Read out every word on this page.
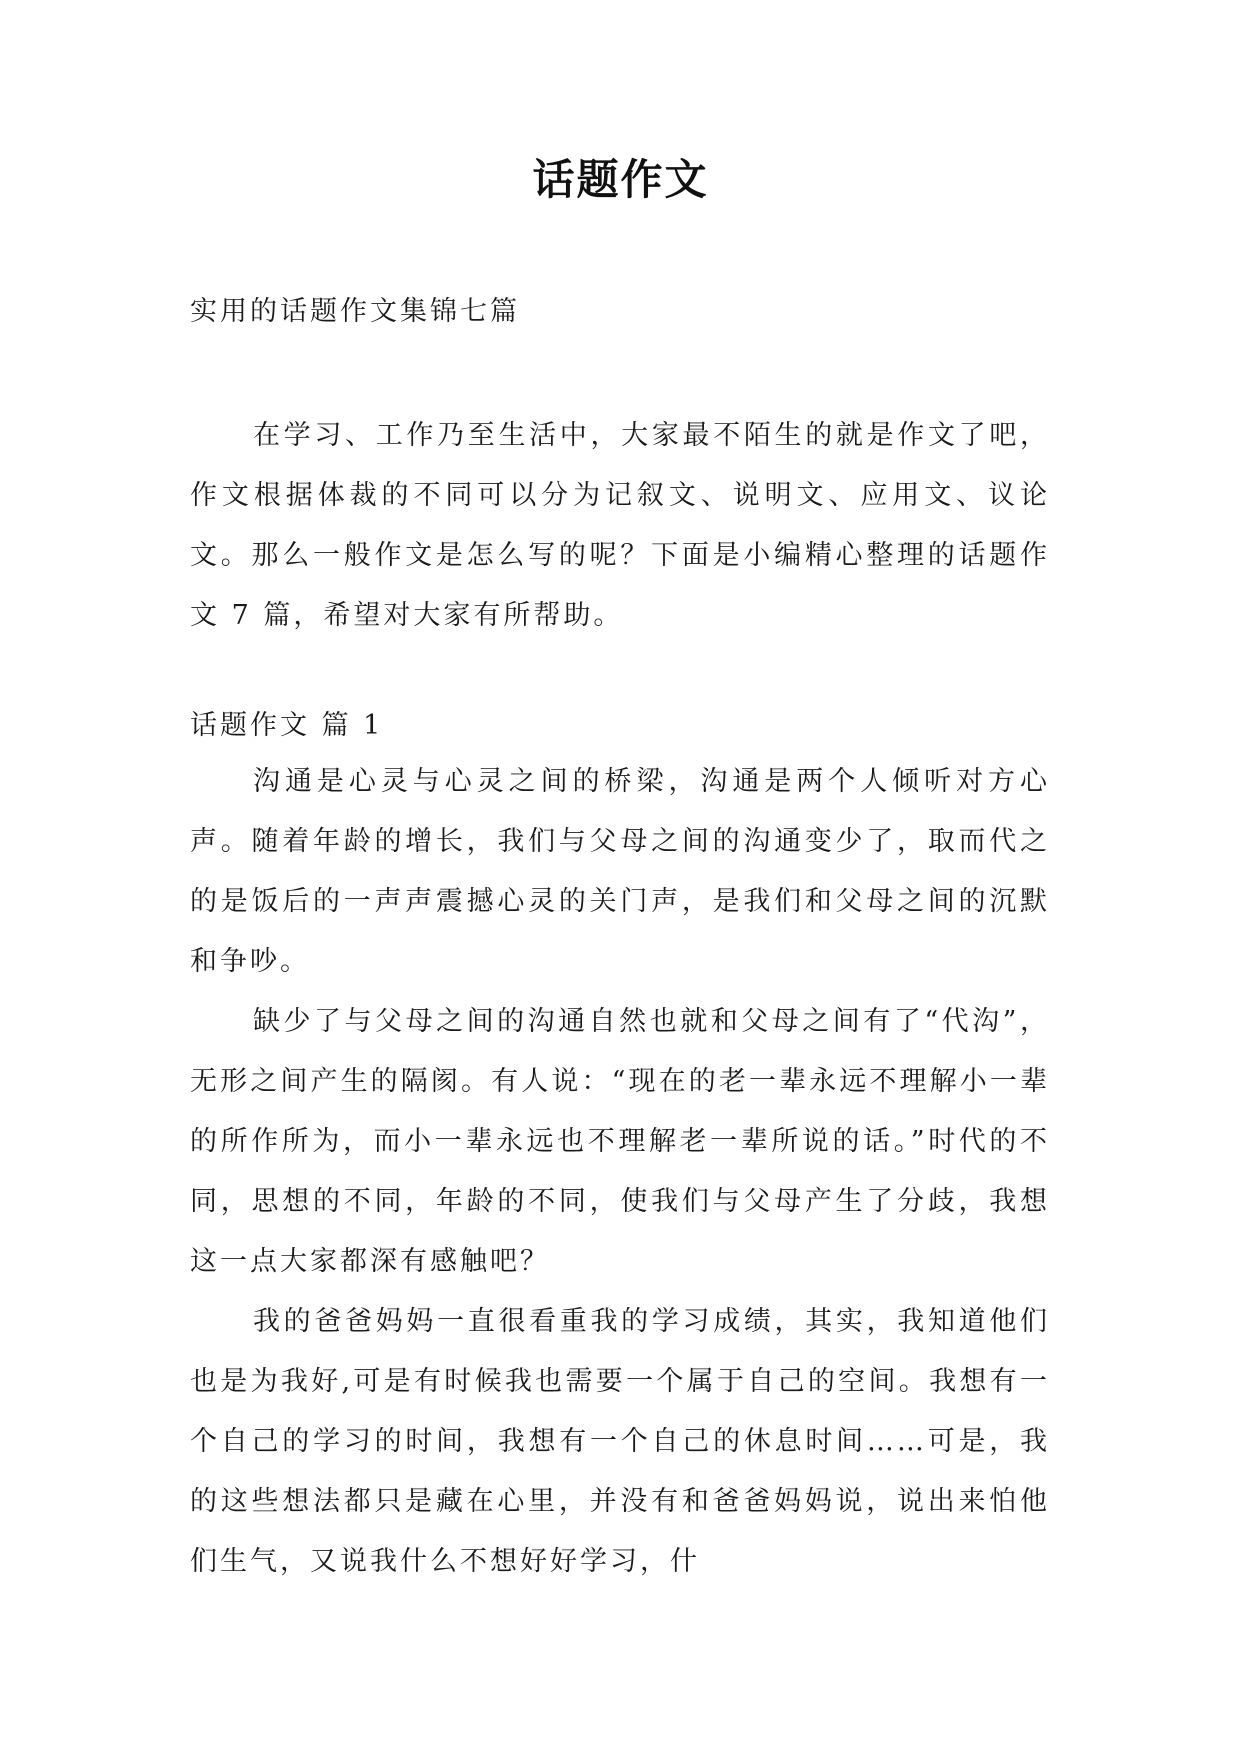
话题作文
实用的话题作文集锦七篇

在学习、工作乃至生活中，大家最不陌生的就是作文了吧，作文根据体裁的不同可以分为记叙文、说明文、应用文、议论文。那么一般作文是怎么写的呢？下面是小编精心整理的话题作文 7 篇，希望对大家有所帮助。

话题作文 篇 1

沟通是心灵与心灵之间的桥梁，沟通是两个人倾听对方心声。随着年龄的增长，我们与父母之间的沟通变少了，取而代之的是饭后的一声声震撼心灵的关门声，是我们和父母之间的沉默和争吵。

缺少了与父母之间的沟通自然也就和父母之间有了“代沟”，无形之间产生的隔阂。有人说：“现在的老一辈永远不理解小一辈的所作所为，而小一辈永远也不理解老一辈所说的话。”时代的不同，思想的不同，年龄的不同，使我们与父母产生了分歧，我想这一点大家都深有感触吧？

我的爸爸妈妈一直很看重我的学习成绩，其实，我知道他们也是为我好,可是有时候我也需要一个属于自己的空间。我想有一个自己的学习的时间，我想有一个自己的休息时间……可是，我的这些想法都只是藏在心里，并没有和爸爸妈妈说，说出来怕他们生气，又说我什么不想好好学习，什
